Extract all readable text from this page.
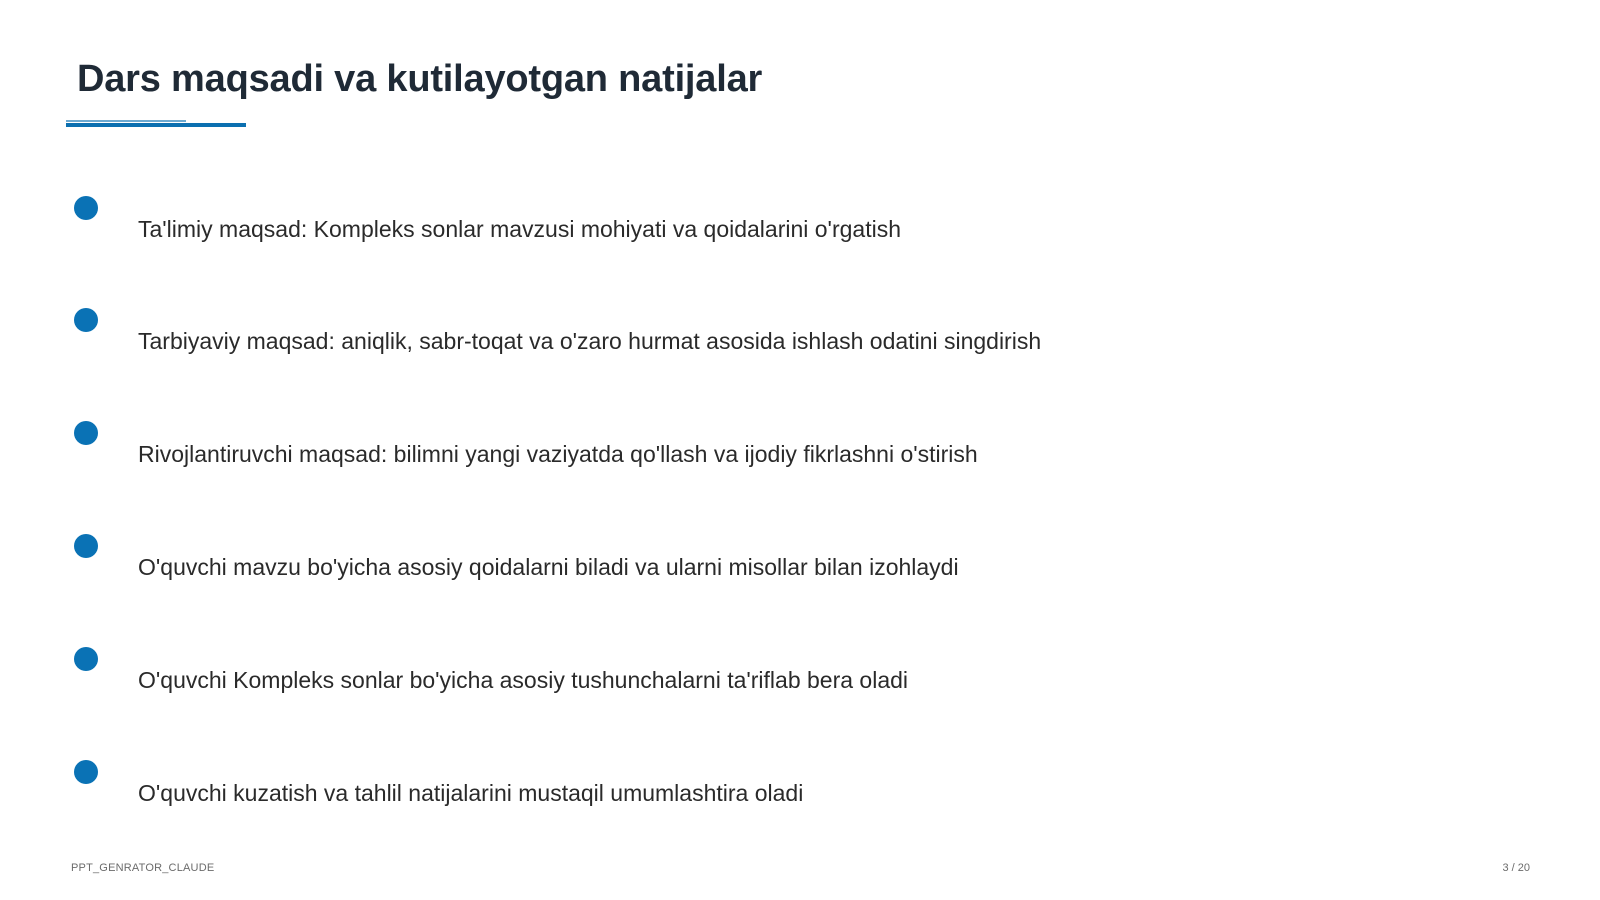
Dars maqsadi va kutilayotgan natijalar
Ta'limiy maqsad: Kompleks sonlar mavzusi mohiyati va qoidalarini o'rgatish
Tarbiyaviy maqsad: aniqlik, sabr-toqat va o'zaro hurmat asosida ishlash odatini singdirish
Rivojlantiruvchi maqsad: bilimni yangi vaziyatda qo'llash va ijodiy fikrlashni o'stirish
O'quvchi mavzu bo'yicha asosiy qoidalarni biladi va ularni misollar bilan izohlaydi
O'quvchi Kompleks sonlar bo'yicha asosiy tushunchalarni ta'riflab bera oladi
O'quvchi kuzatish va tahlil natijalarini mustaqil umumlashtira oladi
PPT_GENRATOR_CLAUDE	3 / 20
